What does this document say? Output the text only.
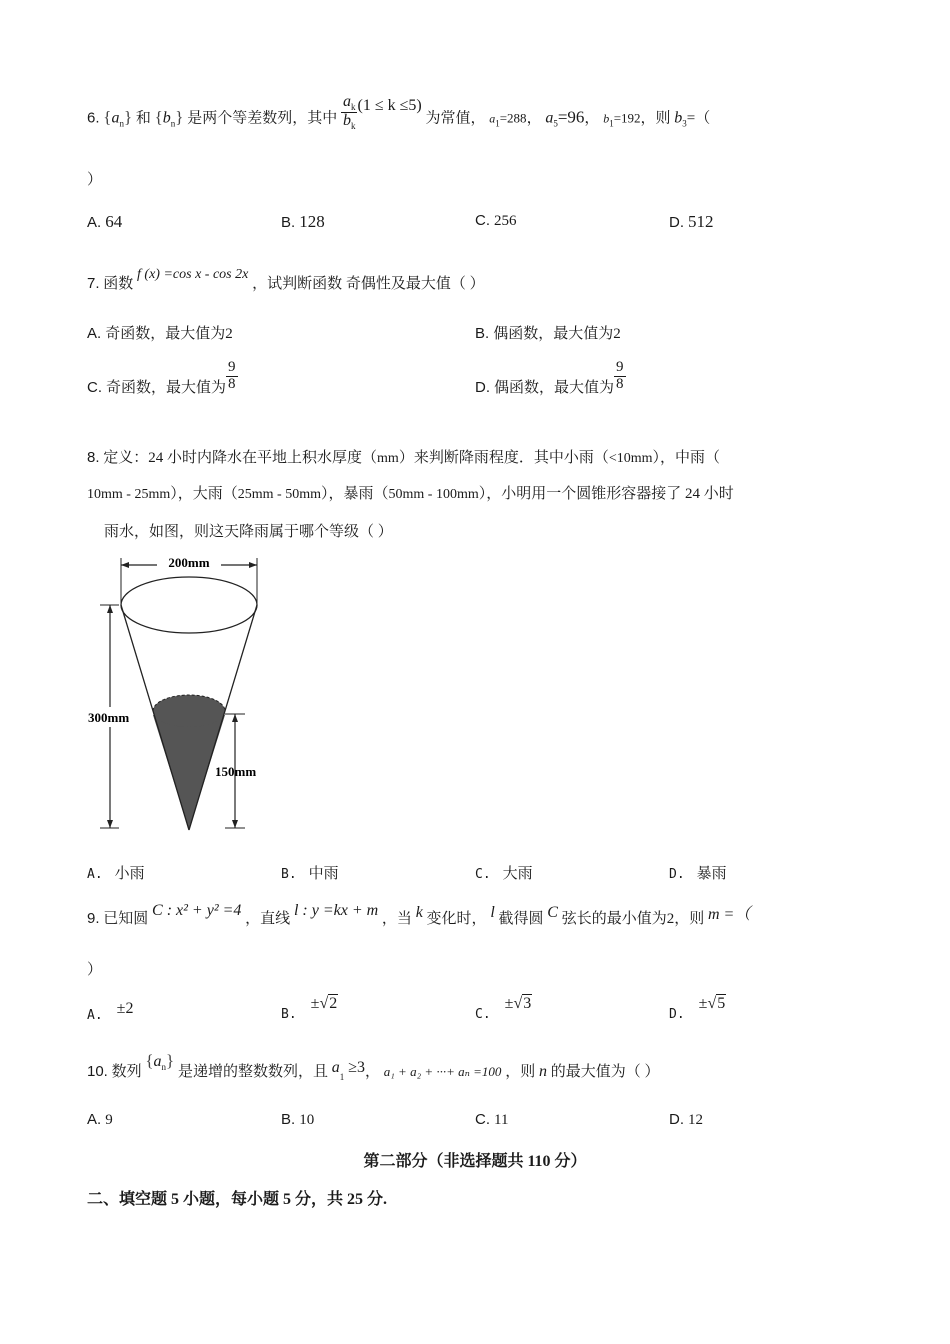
6. $\{a_n\}$ 和 $\{b_n\}$ 是两个等差数列，其中 $\frac{a_k}{b_k} (1 \le k \le 5)$ 为常值， $a_1=288$， $a_5=96$， $b_1=192$，则 $b_3=$（
）
A. 64	B. 128	C. 256	D. 512
7. 函数 f (x) =cos x - cos 2x ，试判断函数 奇偶性及最大值（ ）
A. 奇函数，最大值为2	B. 偶函数，最大值为2
C. 奇函数，最大值为 $\frac{9}{8}$	D. 偶函数，最大值为 $\frac{9}{8}$
8. 定义：24 小时内降水在平地上积水厚度（mm）来判断降雨程度．其中小雨（<10mm），中雨（
10mm - 25mm），大雨（25mm - 50mm），暴雨（50mm - 100mm），小明用一个圆锥形容器接了 24 小时
雨水，如图，则这天降雨属于哪个等级（ ）
200mm
300mm
150mm
A. 小雨	B. 中雨	C. 大雨	D. 暴雨
9. 已知圆 C : x² + y² =4 ，直线 l : y =kx + m ，当 k 变化时， l 截得圆 C 弦长的最小值为2，则 m =（
）
A. ±2	B.±√2
C.±√3
D.±√5
10. 数列 $\{a_n\}$ 是递增的整数数列，且 $a_1 \ge 3$， a₁ + a₂ + ···+ aₙ =100 ，则 n 的最大值为（ ）
A. 9	B. 10	C. 11	D. 12
第二部分（非选择题共 110 分）
二、填空题 5 小题，每小题 5 分，共 25 分.
